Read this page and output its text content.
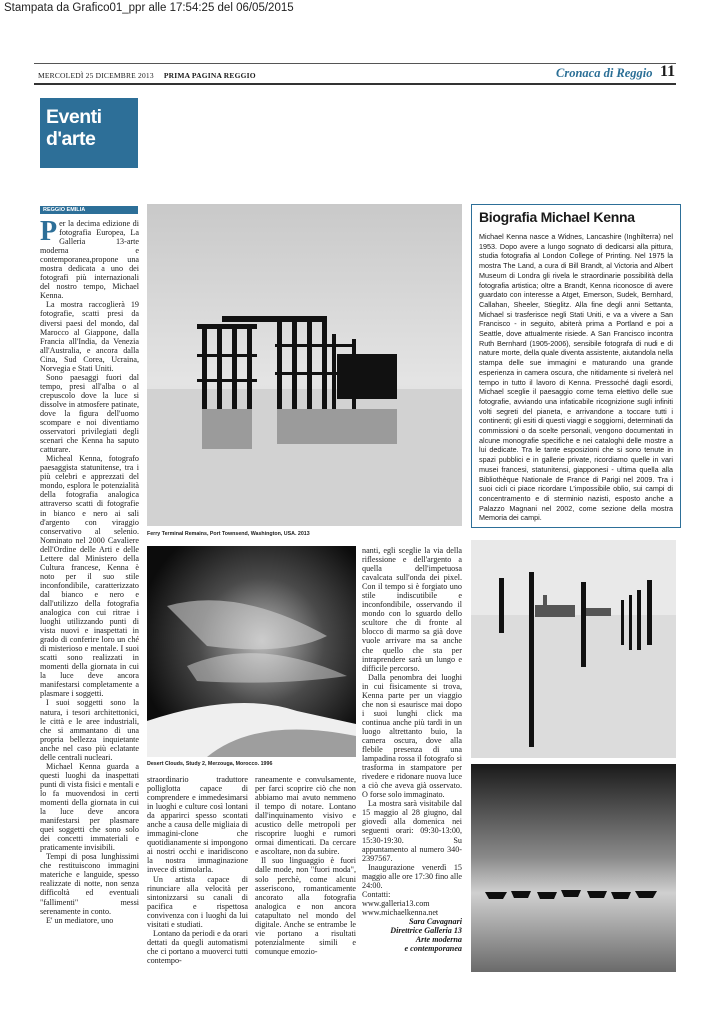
Stampata da Grafico01_ppr alle 17:54:25 del 06/05/2015
MERCOLEDÌ 25 DICEMBRE 2013 PRIMA PAGINA REGGIO	Cronaca di Reggio 11
Eventi
d'arte
REGGIO EMILIA

Per la decima edizione di fotografia Europea, La Galleria 13-arte moderna e contemporanea,propone una mostra dedicata a uno dei fotografi più internazionali del nostro tempo, Michael Kenna.

La mostra raccoglierà 19 fotografie, scatti presi da diversi paesi del mondo, dal Marocco al Giappone, dalla Francia all'India, da Venezia all'Australia, e ancora dalla Cina, Sud Corea, Ucraina, Norvegia e Stati Uniti.

Sono paesaggi fuori dal tempo, presi all'alba o al crepuscolo dove la luce si dissolve in atmosfere patinate, dove la figura dell'uomo scompare e noi diventiamo osservatori privilegiati degli scenari che Kenna ha saputo catturare.

Micheal Kenna, fotografo paesaggista statunitense, tra i più celebri e apprezzati del mondo, esplora le potenzialità della fotografia analogica attraverso scatti di fotografie in bianco e nero ai sali d'argento con viraggio conservativo al selenio. Nominato nel 2000 Cavaliere dell'Ordine delle Arti e delle Lettere dal Ministero della Cultura francese, Kenna è noto per il suo stile inconfondibile, caratterizzato dal bianco e nero e dall'utilizzo della fotografia analogica con cui ritrae i luoghi utilizzando punti di vista nuovi e inaspettati in grado di conferire loro un ché di misterioso e mentale. I suoi scatti sono realizzati in momenti della giornata in cui la luce deve ancora manifestarsi completamente a plasmare i soggetti.

I suoi soggetti sono la natura, i tesori architettonici, le città e le aree industriali, che si ammantano di una propria bellezza inquietante anche nel caso più eclatante delle centrali nucleari.

Michael Kenna guarda a questi luoghi da inaspettati punti di vista fisici e mentali e lo fa muovendosi in certi momenti della giornata in cui la luce deve ancora manifestarsi per plasmare quei soggetti che sono solo dei concetti immateriali e praticamente invisibili.

Tempi di posa lunghissimi che restituiscono immagini materiche e languide, spesso realizzate di notte, non senza difficoltà ed eventuali "fallimenti" messi serenamente in conto.

E' un mediatore, uno

Ferry Terminal Remains, Port Townsend, Washington, USA. 2013
Biografia Michael Kenna
Michael Kenna nasce a Widnes, Lancashire (Inghilterra) nel 1953. Dopo avere a lungo sognato di dedicarsi alla pittura, studia fotografia al London College of Printing. Nel 1975 la mostra The Land, a cura di Bill Brandt, al Victoria and Albert Museum di Londra gli rivela le straordinarie possibilità della fotografia artistica; oltre a Brandt, Kenna riconosce di avere guardato con interesse a Atget, Emerson, Sudek, Bernhard, Callahan, Sheeler, Stieglitz. Alla fine degli anni Settanta, Michael si trasferisce negli Stati Uniti, e va a vivere a San Francisco - in seguito, abiterà prima a Portland e poi a Seattle, dove attualmente risiede. A San Francisco incontra Ruth Bernhard (1905-2006), sensibile fotografa di nudi e di nature morte, della quale diventa assistente, aiutandola nella stampa delle sue immagini e maturando una grande esperienza in camera oscura, che nitidamente si rivelerà nel tempo in tutto il lavoro di Kenna. Pressoché dagli esordi, Michael sceglie il paesaggio come tema elettivo delle sue fotografie, avviando una infaticabile ricognizione sugli infiniti volti segreti del pianeta, e arrivandone a toccare tutti i continenti; gli esiti di questi viaggi e soggiorni, determinati da commissioni o da scelte personali, vengono documentati in alcune monografie specifiche e nei cataloghi delle mostre a lui dedicate. Tra le tante esposizioni che si sono tenute in spazi pubblici e in gallerie private, ricordiamo quelle in vari musei francesi, statunitensi, giapponesi - ultima quella alla Bibliothèque Nationale de France di Parigi nel 2009. Tra i suoi cicli ci piace ricordare L'impossibile oblio, sui campi di concentramento e di sterminio nazisti, esposto anche a Palazzo Magnani nel 2002, come sezione della mostra Memoria dei campi.
Desert Clouds, Study 2, Merzouga, Morocco. 1996

straordinario traduttore polliglotta capace di comprendere e immedesimarsi in luoghi e culture così lontani da apparirci spesso scontati anche a causa delle migliaia di immagini-clone che quotidianamente si impongono ai nostri occhi e inaridiscono la nostra immaginazione invece di stimolarla.

Un artista capace di rinunciare alla velocità per sintonizzarsi su canali di pacifica e rispettosa convivenza con i luoghi da lui visitati e studiati.

Lontano da periodi e da orari dettati da quegli automatismi che ci portano a muoverci tutti contempo-

raneamente e convulsamente, per farci scoprire ciò che non abbiamo mai avuto nemmeno il tempo di notare. Lontano dall'inquinamento visivo e acustico delle metropoli per riscoprire luoghi e rumori ormai dimenticati. Da cercare e ascoltare, non da subire.

Il suo linguaggio è fuori dalle mode, non "fuori moda", solo perchè, come alcuni asseriscono, romanticamente ancorato alla fotografia analogica e non ancora catapultato nel mondo del digitale. Anche se entrambe le vie portano a risultati potenzialmente simili e comunque emozio-

nanti, egli sceglie la via della riflessione e dell'argento a quella dell'impetuosa cavalcata sull'onda dei pixel. Con il tempo si è forgiato uno stile indiscutibile e inconfondibile, osservando il mondo con lo sguardo dello scultore che di fronte al blocco di marmo sa già dove vuole arrivare ma sa anche che quello che sta per intraprendere sarà un lungo e difficile percorso.

Dalla penombra dei luoghi in cui fisicamente si trova, Kenna parte per un viaggio che non si esaurisce mai dopo i suoi lunghi click ma continua anche più tardi in un luogo altrettanto buio, la camera oscura, dove alla flebile presenza di una lampadina rossa il fotografo si trasforma in stampatore per rivedere e ridonare nuova luce a ciò che aveva già osservato. O forse solo immaginato.

La mostra sarà visitabile dal 15 maggio al 28 giugno, dal giovedì alla domenica nei seguenti orari: 09:30-13:00, 15:30-19:30. Su appuntamento al numero 340-2397567.

Inaugurazione venerdì 15 maggio alle ore 17:30 fino alle 24:00.

Contatti:

www.galleria13.com

www.michaelkenna.net

Sara Cavagnari
Direttrice Galleria 13
Arte moderna
e contemporanea
